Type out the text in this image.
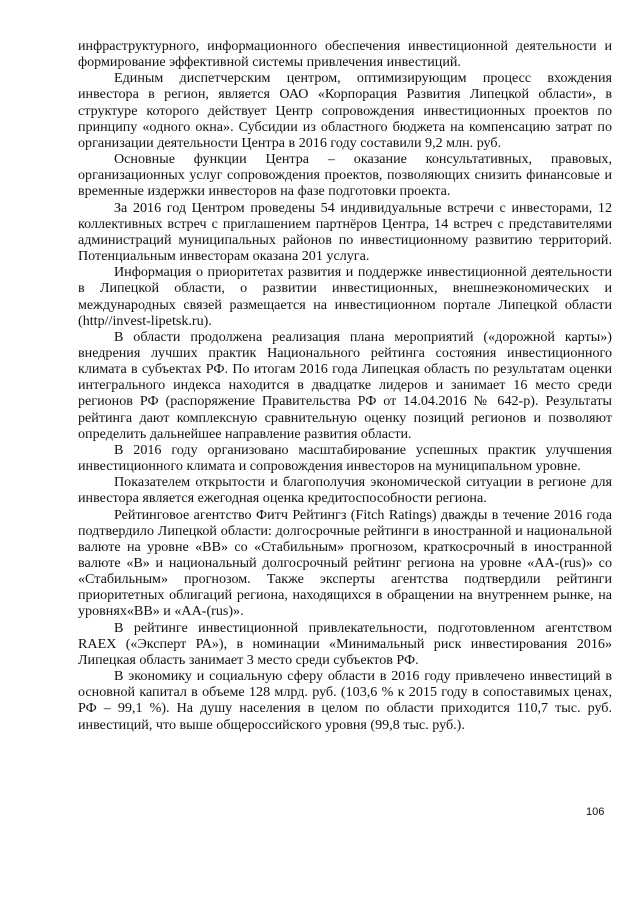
инфраструктурного, информационного обеспечения инвестиционной деятельности и формирование эффективной системы привлечения инвестиций.

Единым диспетчерским центром, оптимизирующим процесс вхождения инвестора в регион, является ОАО «Корпорация Развития Липецкой области», в структуре которого действует Центр сопровождения инвестиционных проектов по принципу «одного окна». Субсидии из областного бюджета на компенсацию затрат по организации деятельности Центра в 2016 году составили 9,2 млн. руб.

Основные функции Центра – оказание консультативных, правовых, организационных услуг сопровождения проектов, позволяющих снизить финансовые и временные издержки инвесторов на фазе подготовки проекта.

За 2016 год Центром проведены 54 индивидуальные встречи с инвесторами, 12 коллективных встреч с приглашением партнёров Центра, 14 встреч с представителями администраций муниципальных районов по инвестиционному развитию территорий. Потенциальным инвесторам оказана 201 услуга.

Информация о приоритетах развития и поддержке инвестиционной деятельности в Липецкой области, о развитии инвестиционных, внешнеэкономических и международных связей размещается на инвестиционном портале Липецкой области (http//invest-lipetsk.ru).

В области продолжена реализация плана мероприятий («дорожной карты») внедрения лучших практик Национального рейтинга состояния инвестиционного климата в субъектах РФ. По итогам 2016 года Липецкая область по результатам оценки интегрального индекса находится в двадцатке лидеров и занимает 16 место среди регионов РФ (распоряжение Правительства РФ от 14.04.2016 № 642-р). Результаты рейтинга дают комплексную сравнительную оценку позиций регионов и позволяют определить дальнейшее направление развития области.

В 2016 году организовано масштабирование успешных практик улучшения инвестиционного климата и сопровождения инвесторов на муниципальном уровне.

Показателем открытости и благополучия экономической ситуации в регионе для инвестора является ежегодная оценка кредитоспособности региона.

Рейтинговое агентство Фитч Рейтингз (Fitch Ratings) дважды в течение 2016 года подтвердило Липецкой области: долгосрочные рейтинги в иностранной и национальной валюте на уровне «BB» со «Стабильным» прогнозом, краткосрочный в иностранной валюте «B» и национальный долгосрочный рейтинг региона на уровне «AA-(rus)» со «Стабильным» прогнозом. Также эксперты агентства подтвердили рейтинги приоритетных облигаций региона, находящихся в обращении на внутреннем рынке, на уровнях«BB» и «AA-(rus)».

В рейтинге инвестиционной привлекательности, подготовленном агентством RAEX («Эксперт РА»), в номинации «Минимальный риск инвестирования 2016» Липецкая область занимает 3 место среди субъектов РФ.

В экономику и социальную сферу области в 2016 году привлечено инвестиций в основной капитал в объеме 128 млрд. руб. (103,6 % к 2015 году в сопоставимых ценах, РФ – 99,1 %). На душу населения в целом по области приходится 110,7 тыс. руб. инвестиций, что выше общероссийского уровня (99,8 тыс. руб.).

106
